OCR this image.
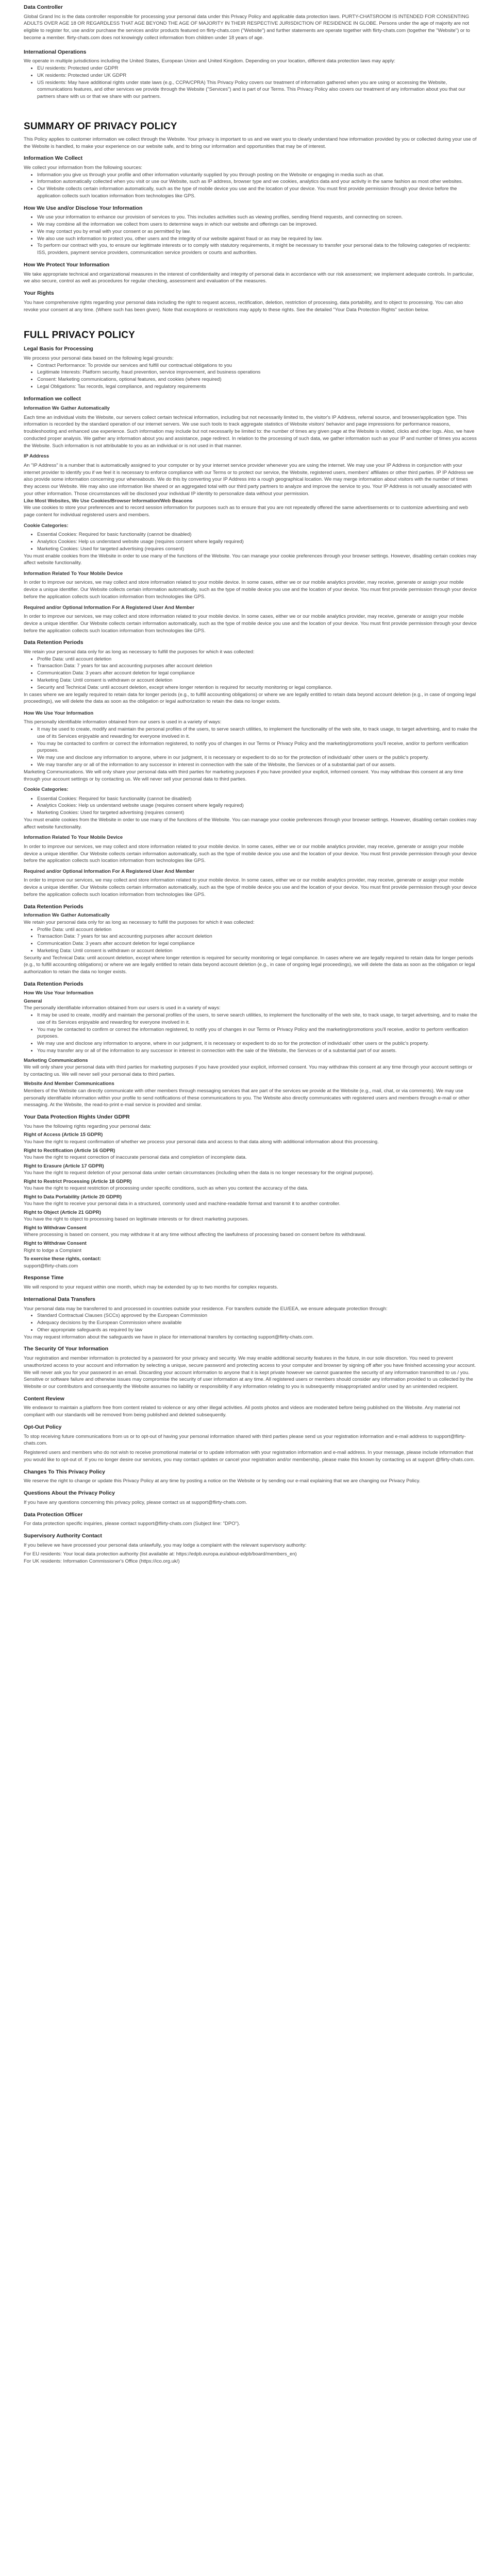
Data Controller

Global Grand Inc is the data controller responsible for processing your personal data under this Privacy Policy and applicable data protection laws. PURTY-CHATSROOM IS INTENDED FOR CONSENTING ADULTS OVER AGE 18 OR REGARDLESS THAT AGE BEYOND THE AGE OF MAJORITY IN THEIR RESPECTIVE JURISDICTION OF RESIDENCE IN GLOBE. Persons under the age of majority are not eligible to register for, use and/or purchase the services and/or products featured on flirty-chats.com ("Website") and further statements are operate together with flirty-chats.com (together the "Website") or to become a member. flirty-chats.com does not knowingly collect information from children under 18 years of age.

International Operations

We operate in multiple jurisdictions including the United States, European Union and United Kingdom. Depending on your location, different data protection laws may apply:

• EU residents: Protected under GDPR
• UK residents: Protected under UK GDPR
• US residents: May have additional rights under state laws (e.g., CCPA/CPRA) This Privacy Policy covers our treatment of information gathered when you are using or accessing the Website, communications features, and other services we provide through the Website ("Services") and is part of our Terms. This Privacy Policy also covers our treatment of any information about you that our partners share with us or that we share with our partners.
SUMMARY OF PRIVACY POLICY

This Policy applies to customer information we collect through the Website. Your privacy is important to us and we want you to clearly understand how information provided by you or collected during your use of the Website is handled, to make your experience on our website safe, and to bring our information and opportunities that may be of interest.

Information We Collect

We collect your information from the following sources:

• Information you give us through your profile and other information voluntarily supplied by you through posting on the Website or engaging in media such as chat.
• Information automatically collected when you visit or use our Website, such as IP address, browser type and we cookies, analytics data and your activity in the same fashion as most other websites.
• Our Website collects certain information automatically, such as the type of mobile device you use and the location of your device. You must first provide permission through your device before the application collects such location information from technologies like GPS.
How We Use and/or Disclose Your Information
• We use your information to enhance our provision of services to you. This includes activities such as viewing profiles, sending friend requests, and connecting on screen.
• We may combine all the information we collect from users to determine ways in which our website and offerings can be improved.
• We may contact you by email with your consent or as permitted by law.
• We also use such information to protect you, other users and the integrity of our website against fraud or as may be required by law.
• To perform our contract with you, to ensure our legitimate interests or to comply with statutory requirements, it might be necessary to transfer your personal data to the following categories of recipients: ISS, providers, payment service providers, communication service providers or courts and authorities.
How We Protect Your Information

We take appropriate technical and organizational measures in the interest of confidentiality and integrity of personal data in accordance with our risk assessment; we implement adequate controls. In particular, we also secure, control as well as procedures for regular checking, assessment and evaluation of the measures.

Your Rights

You have comprehensive rights regarding your personal data including the right to request access, rectification, deletion, restriction of processing, data portability, and to object to processing. You can also revoke your consent at any time. (Where such has been given). Note that exceptions or restrictions may apply to these rights. See the detailed "Your Data Protection Rights" section below.

FULL PRIVACY POLICY
Legal Basis for Processing

We process your personal data based on the following legal grounds:

• Contract Performance: To provide our services and fulfill our contractual obligations to you
• Legitimate Interests: Platform security, fraud prevention, service improvement, and business operations
• Consent: Marketing communications, optional features, and cookies (where required)
• Legal Obligations: Tax records, legal compliance, and regulatory requirements
Information we collect
Information We Gather Automatically

Each time an individual visits the Website, our servers collect certain technical information, including but not necessarily limited to, the visitor's IP Address, referral source, and browser/application type. This information is recorded by the standard operation of our internet servers. We use such tools to track aggregate statistics of Website visitors' behavior and page impressions for performance reasons, troubleshooting and enhanced use experience. Such information may include but not necessarily be limited to: the number of times any given page at the Website is visited, clicks and other logs. Also, we have conducted proper analysis. We gather any information about you and assistance, page redirect. In relation to the processing of such data, we gather information such as your IP and number of times you access the Website. Such information is not attributable to you as an individual or is not used in that manner.

IP Address

An "IP Address" is a number that is automatically assigned to your computer or by your internet service provider whenever you are using the internet. We may use your IP Address in conjunction with your internet provider to identify you if we feel it is necessary to enforce compliance with our Terms or to protect our service, the Website, registered users, members' affiliates or other third parties. IP IP Address we also provide some information concerning your whereabouts. We do this by converting your IP Address into a rough geographical location. We may merge information about visitors with the number of times they access our Website. We may also use information like shared or an aggregated total with our third party partners to analyze and improve the service to you. Your IP Address is not usually associated with your other information. Those circumstances will be disclosed your individual IP identity to personalize data without your permission.

Like Most Websites, We Use Cookies/Browser Information/Web Beacons

We use cookies to store your preferences and to record session information for purposes such as to ensure that you are not repeatedly offered the same advertisements or to customize advertising and web page content for individual registered users and members.

Cookie Categories:
• Essential Cookies: Required for basic functionality (cannot be disabled)
• Analytics Cookies: Help us understand website usage (requires consent where legally required)
• Marketing Cookies: Used for targeted advertising (requires consent)

You must enable cookies from the Website in order to use many of the functions of the Website. You can manage your cookie preferences through your browser settings. However, disabling certain cookies may affect website functionality.

Information Related To Your Mobile Device

In order to improve our services, we may collect and store information related to your mobile device. In some cases, either we or our mobile analytics provider, may receive, generate or assign your mobile device a unique identifier. Our Website collects certain information automatically, such as the type of mobile device you use and the location of your device. You must first provide permission through your device before the application collects such location information from technologies like GPS.

Required and/or Optional Information For A Registered User And Member

In order to improve our services, we may collect and store information related to your mobile device. In some cases, either we or our mobile analytics provider, may receive, generate or assign your mobile device a unique identifier. Our Website collects certain information automatically, such as the type of mobile device you use and the location of your device. You must first provide permission through your device before the application collects such location information from technologies like GPS.

Data Retention Periods

We retain your personal data only for as long as necessary to fulfill the purposes for which it was collected:

• Profile Data: until account deletion
• Transaction Data: 7 years for tax and accounting purposes after account deletion
• Communication Data: 3 years after account deletion for legal compliance
• Marketing Data: Until consent is withdrawn or account deletion
• Security and Technical Data: until account deletion, except where longer retention is required for security monitoring or legal compliance.

In cases where we are legally required to retain data for longer periods (e.g., to fulfill accounting obligations) or where we are legally entitled to retain data beyond account deletion (e.g., in case of ongoing legal proceedings), we will delete the data as soon as the obligation or legal authorization to retain the data no longer exists.

How We Use Your Information

This personally identifiable information obtained from our users is used in a variety of ways:

• It may be used to create, modify and maintain the personal profiles of the users, to serve search utilities, to implement the functionality of the web site, to track usage, to target advertising, and to make the use of its Services enjoyable and rewarding for everyone involved in it.
• You may be contacted to confirm or correct the information registered, to notify you of changes in our Terms or Privacy Policy and the marketing/promotions you'll receive, and/or to perform verification purposes.
• We may use and disclose any information to anyone, where in our judgment, it is necessary or expedient to do so for the protection of individuals' other users or the public's property.
• We may transfer any or all of the information to any successor in interest in connection with the sale of the Website, the Services or of a substantial part of our assets.

Marketing Communications. We will only share your personal data with third parties for marketing purposes if you have provided your explicit, informed consent. You may withdraw this consent at any time through your account settings or by contacting us. We will never sell your personal data to third parties.

Cookie Categories:
• Essential Cookies: Required for basic functionality (cannot be disabled)
• Analytics Cookies: Help us understand website usage (requires consent where legally required)
• Marketing Cookies: Used for targeted advertising (requires consent)

You must enable cookies from the Website in order to use many of the functions of the Website. You can manage your cookie preferences through your browser settings. However, disabling certain cookies may affect website functionality.

Information Related To Your Mobile Device

In order to improve our services, we may collect and store information related to your mobile device. In some cases, either we or our mobile analytics provider, may receive, generate or assign your mobile device a unique identifier. Our Website collects certain information automatically, such as the type of mobile device you use and the location of your device. You must first provide permission through your device before the application collects such location information from technologies like GPS.

Required and/or Optional Information For A Registered User And Member

In order to improve our services, we may collect and store information related to your mobile device. In some cases, either we or our mobile analytics provider, may receive, generate or assign your mobile device a unique identifier. Our Website collects certain information automatically, such as the type of mobile device you use and the location of your device. You must first provide permission through your device before the application collects such location information from technologies like GPS.

Data Retention Periods
Information We Gather Automatically

We retain your personal data only for as long as necessary to fulfill the purposes for which it was collected:

• Profile Data: until account deletion
• Transaction Data: 7 years for tax and accounting purposes after account deletion
• Communication Data: 3 years after account deletion for legal compliance
• Marketing Data: Until consent is withdrawn or account deletion

Security and Technical Data: until account deletion, except where longer retention is required for security monitoring or legal compliance. In cases where we are legally required to retain data for longer periods (e.g., to fulfill accounting obligations) or where we are legally entitled to retain data beyond account deletion (e.g., in case of ongoing legal proceedings), we will delete the data as soon as the obligation or legal authorization to retain the data no longer exists.

Data Retention Periods
How We Use Your Information
General

The personally identifiable information obtained from our users is used in a variety of ways:

• It may be used to create, modify and maintain the personal profiles of the users, to serve search utilities, to implement the functionality of the web site, to track usage, to target advertising, and to make the use of its Services enjoyable and rewarding for everyone involved in it.
• You may be contacted to confirm or correct the information registered, to notify you of changes in our Terms or Privacy Policy and the marketing/promotions you'll receive, and/or to perform verification purposes.
• We may use and disclose any information to anyone, where in our judgment, it is necessary or expedient to do so for the protection of individuals' other users or the public's property.
• You may transfer any or all of the information to any successor in interest in connection with the sale of the Website, the Services or of a substantial part of our assets.
Marketing Communications

We will only share your personal data with third parties for marketing purposes if you have provided your explicit, informed consent. You may withdraw this consent at any time through your account settings or by contacting us. We will never sell your personal data to third parties.

Website And Member Communications

Members of the Website can directly communicate with other members through messaging services that are part of the services we provide at the Website (e.g., mail, chat, or via comments). We may use personally identifiable information within your profile to send notifications of these communications to you. The Website also directly communicates with registered users and members through e-mail or other messaging. At the Website, the read-to-print e-mail service is provided and similar.

Your Data Protection Rights Under GDPR

You have the following rights regarding your personal data:

Right of Access (Article 15 GDPR)

You have the right to request confirmation of whether we process your personal data and access to that data along with additional information about this processing.

Right to Rectification (Article 16 GDPR)

You have the right to request correction of inaccurate personal data and completion of incomplete data.

Right to Erasure (Article 17 GDPR)

You have the right to request deletion of your personal data under certain circumstances (including when the data is no longer necessary for the original purpose).

Right to Restrict Processing (Article 18 GDPR)

You have the right to request restriction of processing under specific conditions, such as when you contest the accuracy of the data.

Right to Data Portability (Article 20 GDPR)

You have the right to receive your personal data in a structured, commonly used and machine-readable format and transmit it to another controller.

Right to Object (Article 21 GDPR)

You have the right to object to processing based on legitimate interests or for direct marketing purposes.

Right to Withdraw Consent

Where processing is based on consent, you may withdraw it at any time without affecting the lawfulness of processing based on consent before its withdrawal.

Right to Withdraw Consent

Right to lodge a Complaint

To exercise these rights, contact:

support@flirty-chats.com

Response Time

We will respond to your request within one month, which may be extended by up to two months for complex requests.

International Data Transfers

Your personal data may be transferred to and processed in countries outside your residence. For transfers outside the EU/EEA, we ensure adequate protection through:

• Standard Contractual Clauses (SCCs) approved by the European Commission
• Adequacy decisions by the European Commission where available
• Other appropriate safeguards as required by law

You may request information about the safeguards we have in place for international transfers by contacting support@flirty-chats.com.

The Security Of Your Information

Your registration and member information is protected by a password for your privacy and security. We may enable additional security features in the future, in our sole discretion. You need to prevent unauthorized access to your account and information by selecting a unique, secure password and protecting access to your computer and browser by signing off after you have finished accessing your account. We will never ask you for your password in an email. Discarding your account information to anyone that it is kept private however we cannot guarantee the security of any information transmitted to us / you. Sensitive or software failure and otherwise issues may compromise the security of user information at any time. All registered users or members should consider any information provided to us collected by the Website or our contributors and consequently the Website assumes no liability or responsibility if any information relating to you is subsequently misappropriated and/or used by an unintended recipient.

Content Review

We endeavor to maintain a platform free from content related to violence or any other illegal activities. All posts photos and videos are moderated before being published on the Website. Any material not compliant with our standards will be removed from being published and deleted subsequently.

Opt-Out Policy

To stop receiving future communications from us or to opt-out of having your personal information shared with third parties please send us your registration information and e-mail address to support@flirty-chats.com.

Registered users and members who do not wish to receive promotional material or to update information with your registration information and e-mail address. In your message, please include information that you would like to opt-out of. If you no longer desire our services, you may contact updates or cancel your registration and/or membership, please make this known by contacting us at support @flirty-chats.com.

Changes To This Privacy Policy

We reserve the right to change or update this Privacy Policy at any time by posting a notice on the Website or by sending our e-mail explaining that we are changing our Privacy Policy.

Questions About the Privacy Policy

If you have any questions concerning this privacy policy, please contact us at support@flirty-chats.com.

Data Protection Officer

For data protection specific inquiries, please contact support@flirty-chats.com (Subject line: "DPO").

Supervisory Authority Contact

If you believe we have processed your personal data unlawfully, you may lodge a complaint with the relevant supervisory authority:

For EU residents: Your local data protection authority (list available at: https://edpb.europa.eu/about-edpb/board/members_en)

For UK residents: Information Commissioner's Office (https://ico.org.uk/)
